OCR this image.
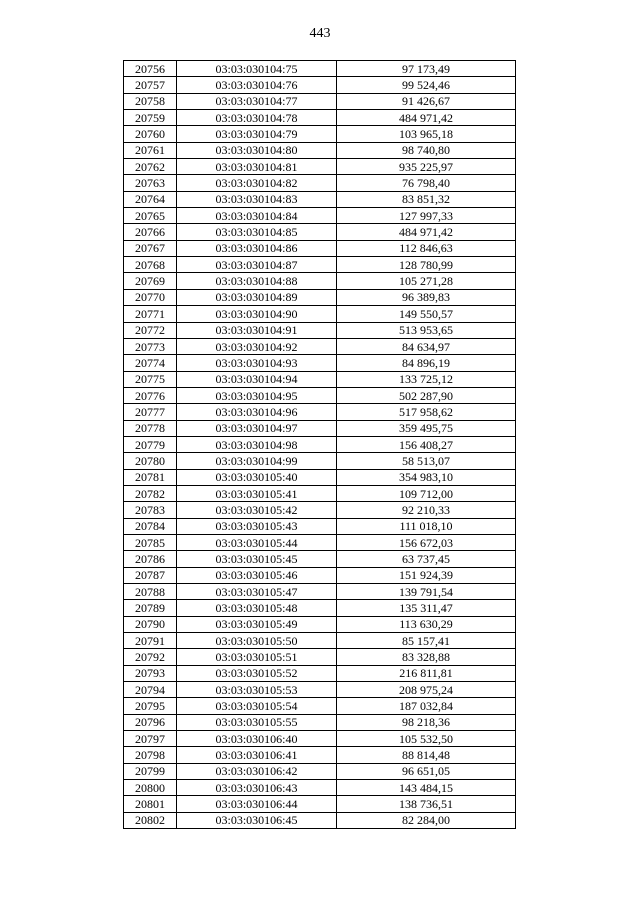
443
20756	03:03:030104:75	97 173,49
20757	03:03:030104:76	99 524,46
20758	03:03:030104:77	91 426,67
20759	03:03:030104:78	484 971,42
20760	03:03:030104:79	103 965,18
20761	03:03:030104:80	98 740,80
20762	03:03:030104:81	935 225,97
20763	03:03:030104:82	76 798,40
20764	03:03:030104:83	83 851,32
20765	03:03:030104:84	127 997,33
20766	03:03:030104:85	484 971,42
20767	03:03:030104:86	112 846,63
20768	03:03:030104:87	128 780,99
20769	03:03:030104:88	105 271,28
20770	03:03:030104:89	96 389,83
20771	03:03:030104:90	149 550,57
20772	03:03:030104:91	513 953,65
20773	03:03:030104:92	84 634,97
20774	03:03:030104:93	84 896,19
20775	03:03:030104:94	133 725,12
20776	03:03:030104:95	502 287,90
20777	03:03:030104:96	517 958,62
20778	03:03:030104:97	359 495,75
20779	03:03:030104:98	156 408,27
20780	03:03:030104:99	58 513,07
20781	03:03:030105:40	354 983,10
20782	03:03:030105:41	109 712,00
20783	03:03:030105:42	92 210,33
20784	03:03:030105:43	111 018,10
20785	03:03:030105:44	156 672,03
20786	03:03:030105:45	63 737,45
20787	03:03:030105:46	151 924,39
20788	03:03:030105:47	139 791,54
20789	03:03:030105:48	135 311,47
20790	03:03:030105:49	113 630,29
20791	03:03:030105:50	85 157,41
20792	03:03:030105:51	83 328,88
20793	03:03:030105:52	216 811,81
20794	03:03:030105:53	208 975,24
20795	03:03:030105:54	187 032,84
20796	03:03:030105:55	98 218,36
20797	03:03:030106:40	105 532,50
20798	03:03:030106:41	88 814,48
20799	03:03:030106:42	96 651,05
20800	03:03:030106:43	143 484,15
20801	03:03:030106:44	138 736,51
20802	03:03:030106:45	82 284,00
